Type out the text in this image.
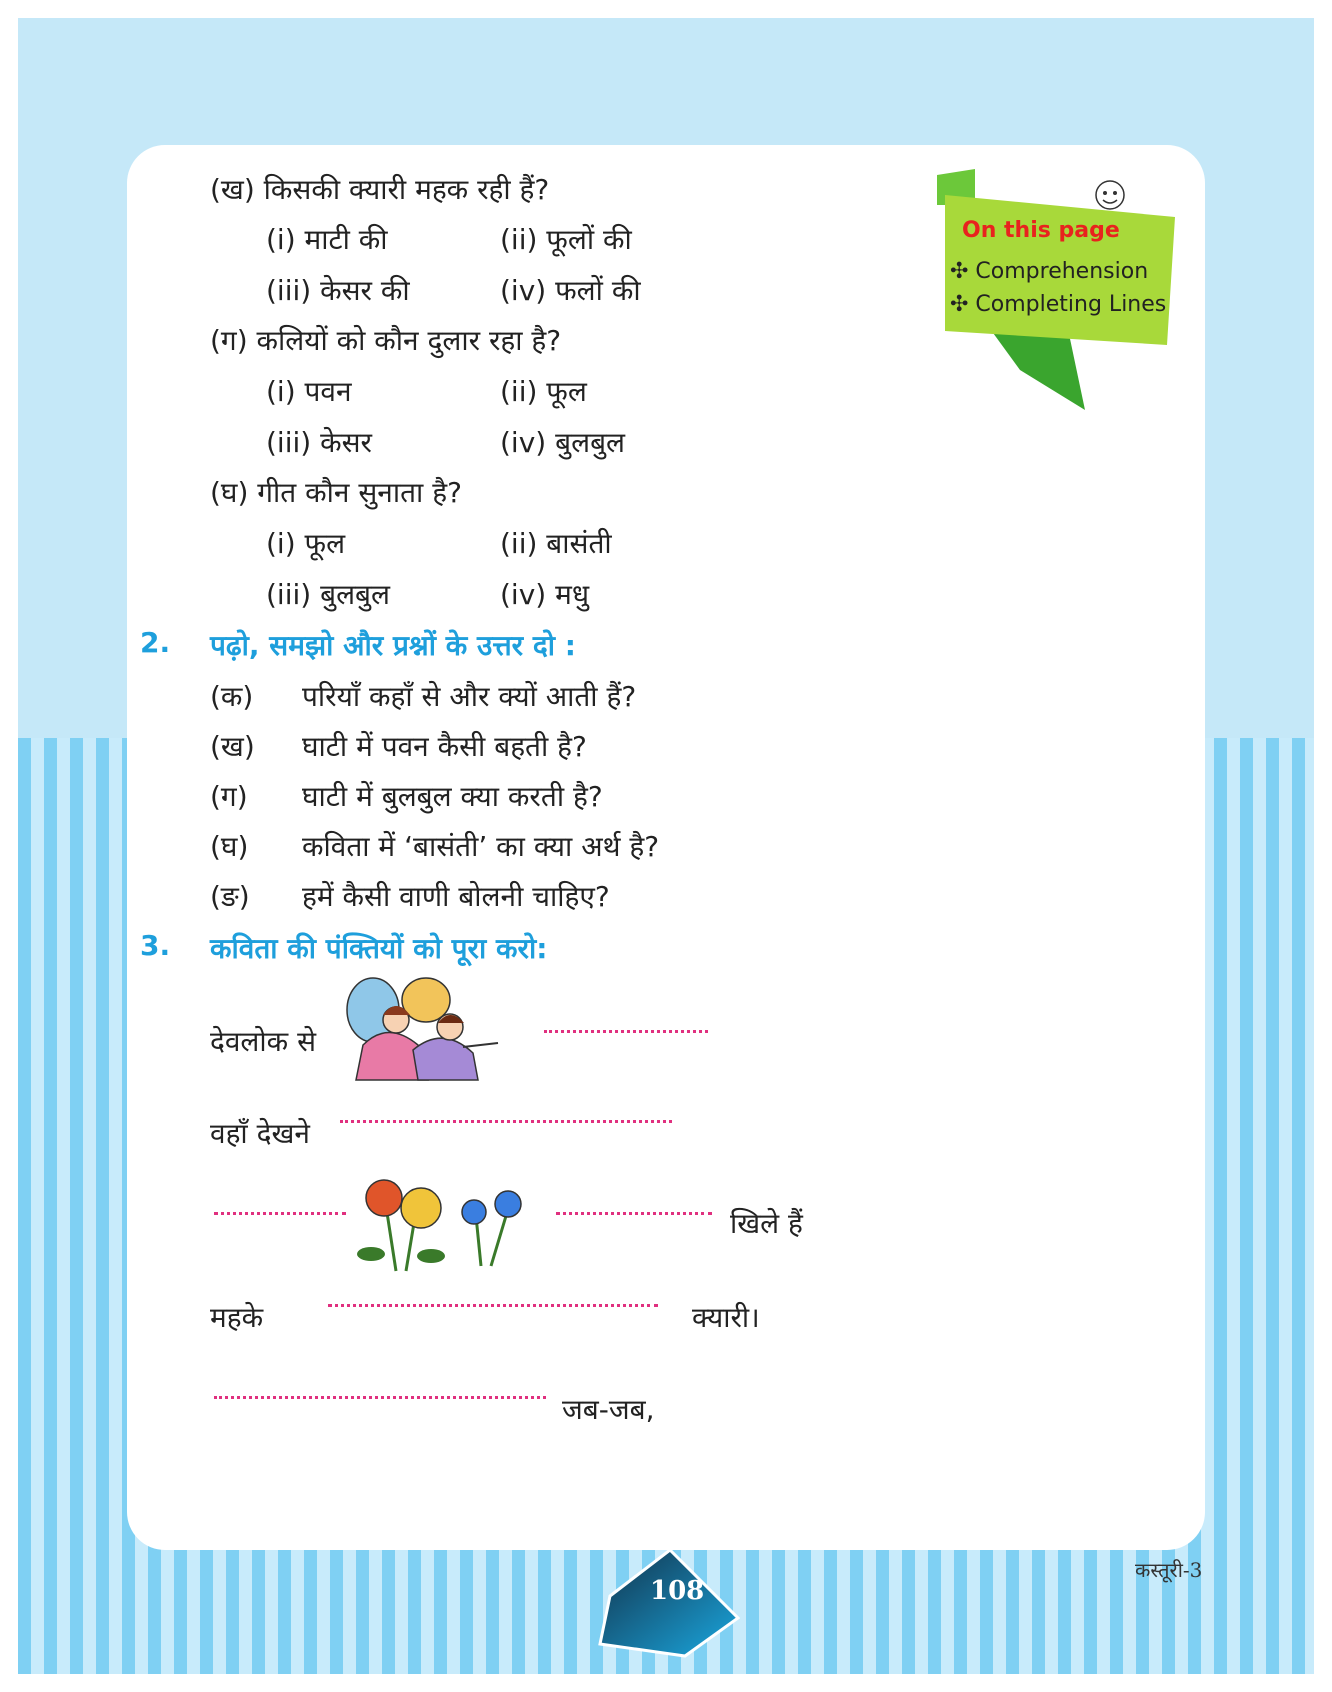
On this page
✣ Comprehension
✣ Completing Lines
(ख) किसकी क्यारी महक रही हैं?
(i) माटी की	(ii) फूलों की
(iii) केसर की	(iv) फलों की
(ग) कलियों को कौन दुलार रहा है?
(i) पवन	(ii) फूल
(iii) केसर	(iv) बुलबुल
(घ) गीत कौन सुनाता है?
(i) फूल	(ii) बासंती
(iii) बुलबुल	(iv) मधु
2. पढ़ो, समझो और प्रश्नों के उत्तर दो :
(क) परियाँ कहाँ से और क्यों आती हैं?
(ख) घाटी में पवन कैसी बहती है?
(ग) घाटी में बुलबुल क्या करती है?
(घ) कविता में ‘बासंती’ का क्या अर्थ है?
(ङ) हमें कैसी वाणी बोलनी चाहिए?
3. कविता की पंक्तियों को पूरा करो:
देवलोक से
वहाँ देखने
खिले हैं
महके	क्यारी।
जब-जब,
108
कस्तूरी-3
